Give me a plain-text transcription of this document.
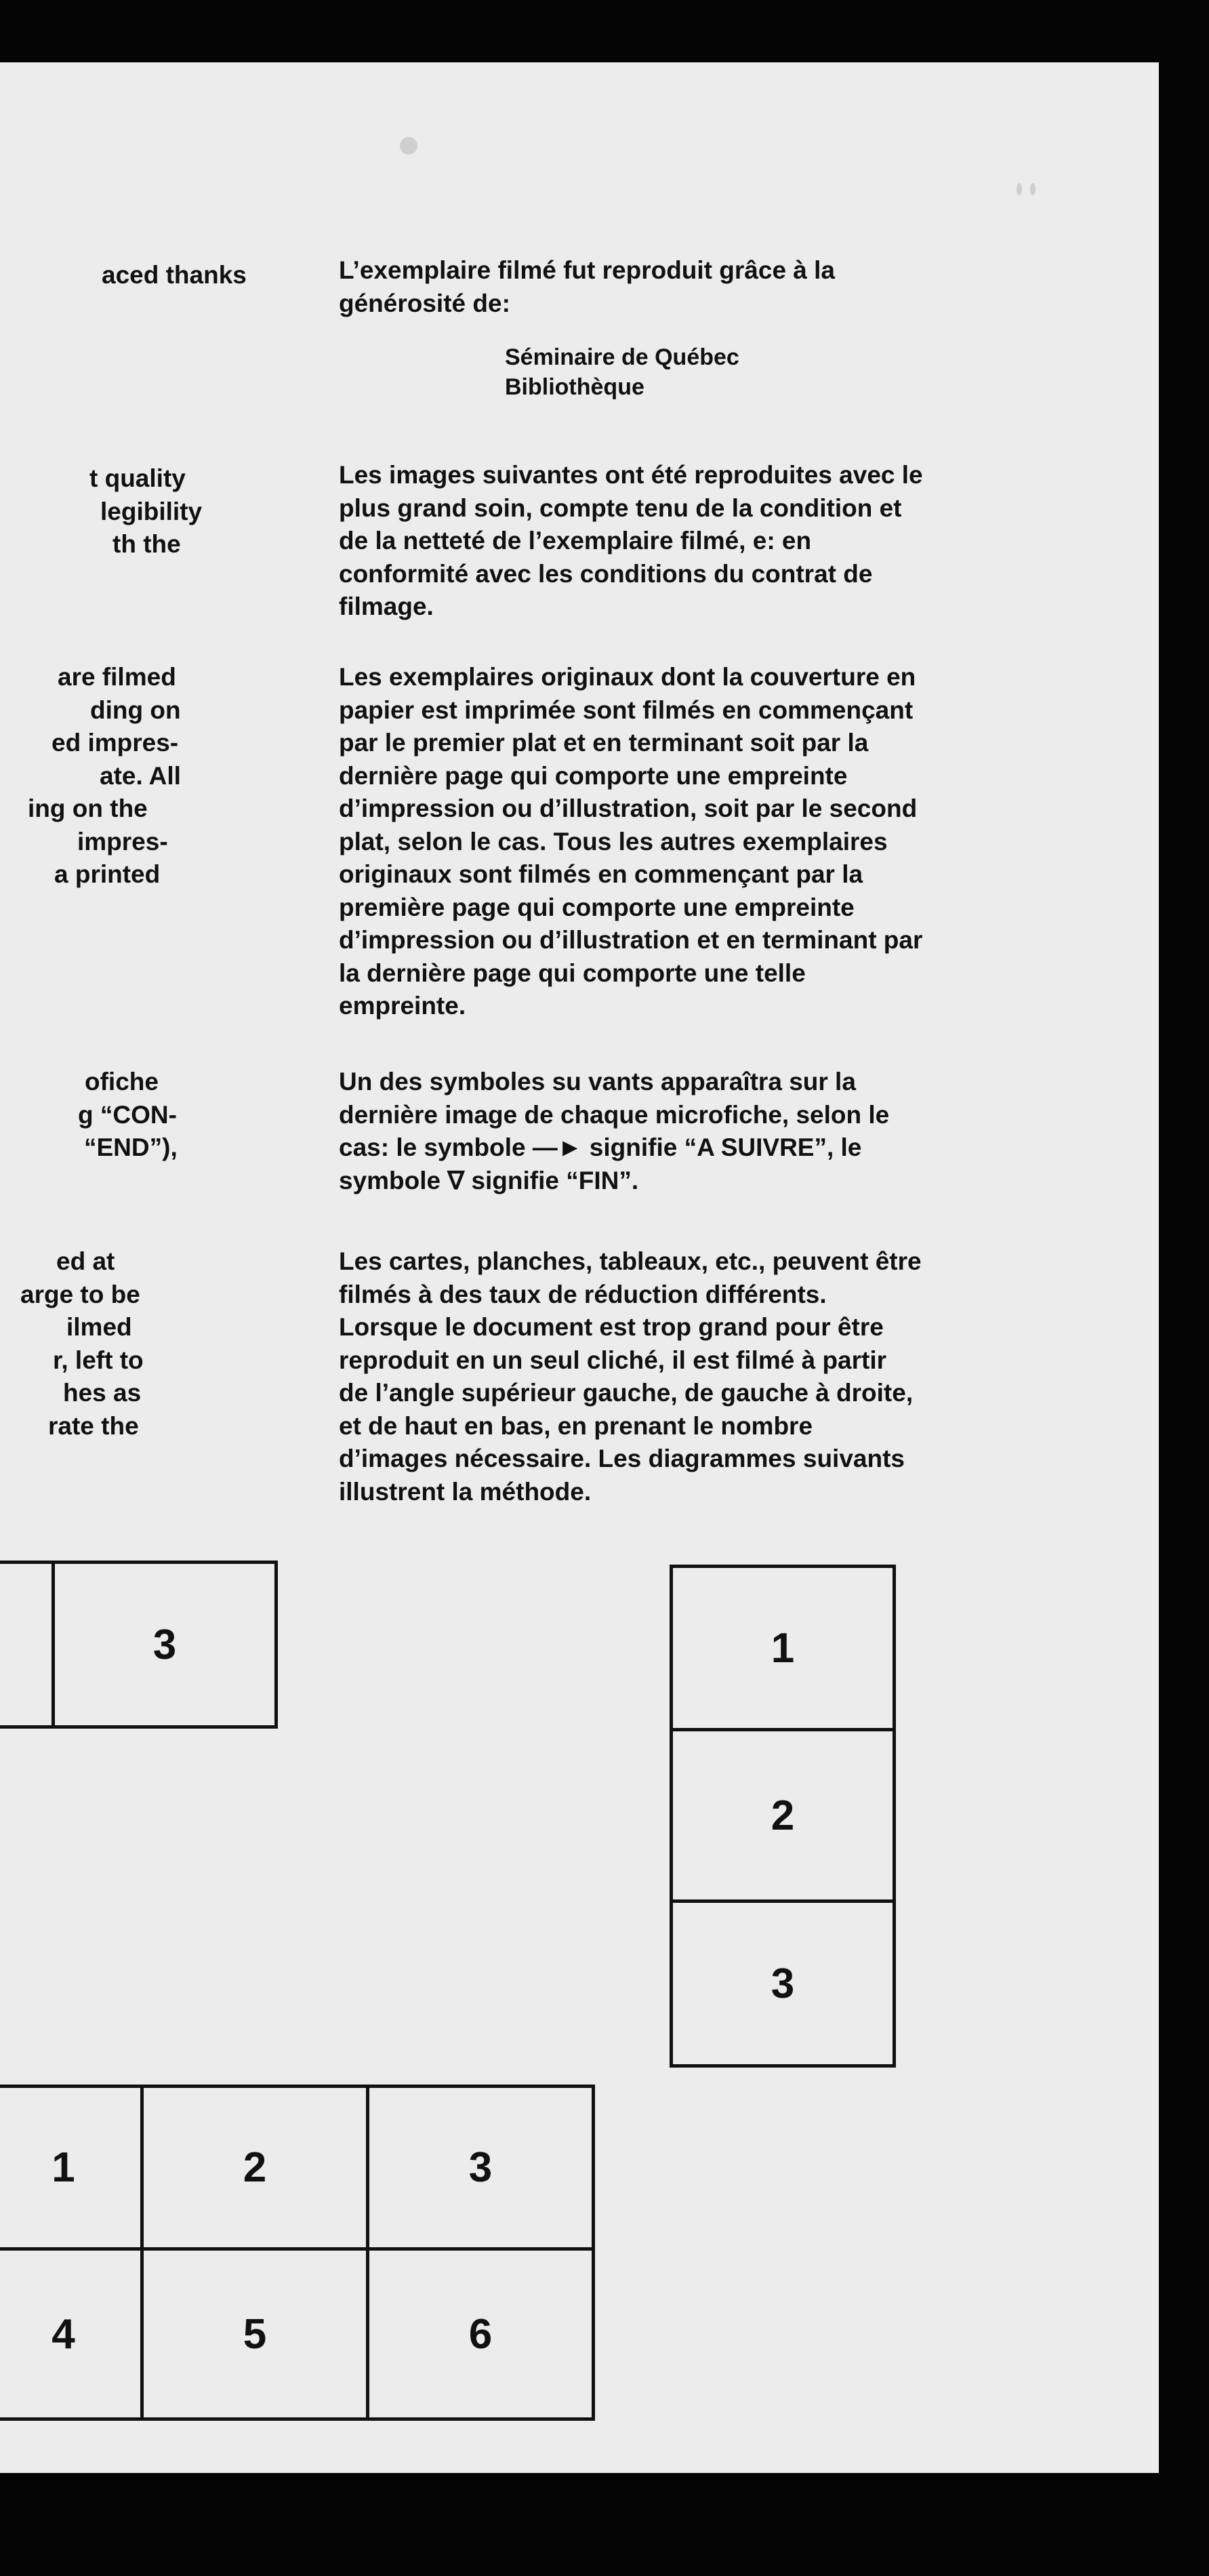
aced thanks
t quality
legibility
th the
are filmed
ding on
ed impres-
ate. All
ing on the
impres-
a printed
ofiche
g “CON-
“END”),
ed at
arge to be
ilmed
r, left to
hes as
rate the
L’exemplaire filmé fut reproduit grâce à la
générosité de:
Séminaire de Québec
Bibliothèque
Les images suivantes ont été reproduites avec le
plus grand soin, compte tenu de la condition et
de la netteté de l’exemplaire filmé, e: en
conformité avec les conditions du contrat de
filmage.
Les exemplaires originaux dont la couverture en
papier est imprimée sont filmés en commençant
par le premier plat et en terminant soit par la
dernière page qui comporte une empreinte
d’impression ou d’illustration, soit par le second
plat, selon le cas. Tous les autres exemplaires
originaux sont filmés en commençant par la
première page qui comporte une empreinte
d’impression ou d’illustration et en terminant par
la dernière page qui comporte une telle
empreinte.
Un des symboles su vants apparaîtra sur la
dernière image de chaque microfiche, selon le
cas: le symbole —► signifie “A SUIVRE”, le
symbole ∇ signifie “FIN”.
Les cartes, planches, tableaux, etc., peuvent être
filmés à des taux de réduction différents.
Lorsque le document est trop grand pour être
reproduit en un seul cliché, il est filmé à partir
de l’angle supérieur gauche, de gauche à droite,
et de haut en bas, en prenant le nombre
d’images nécessaire. Les diagrammes suivants
illustrent la méthode.
3	1
2
3
1	2	3
4	5	6
